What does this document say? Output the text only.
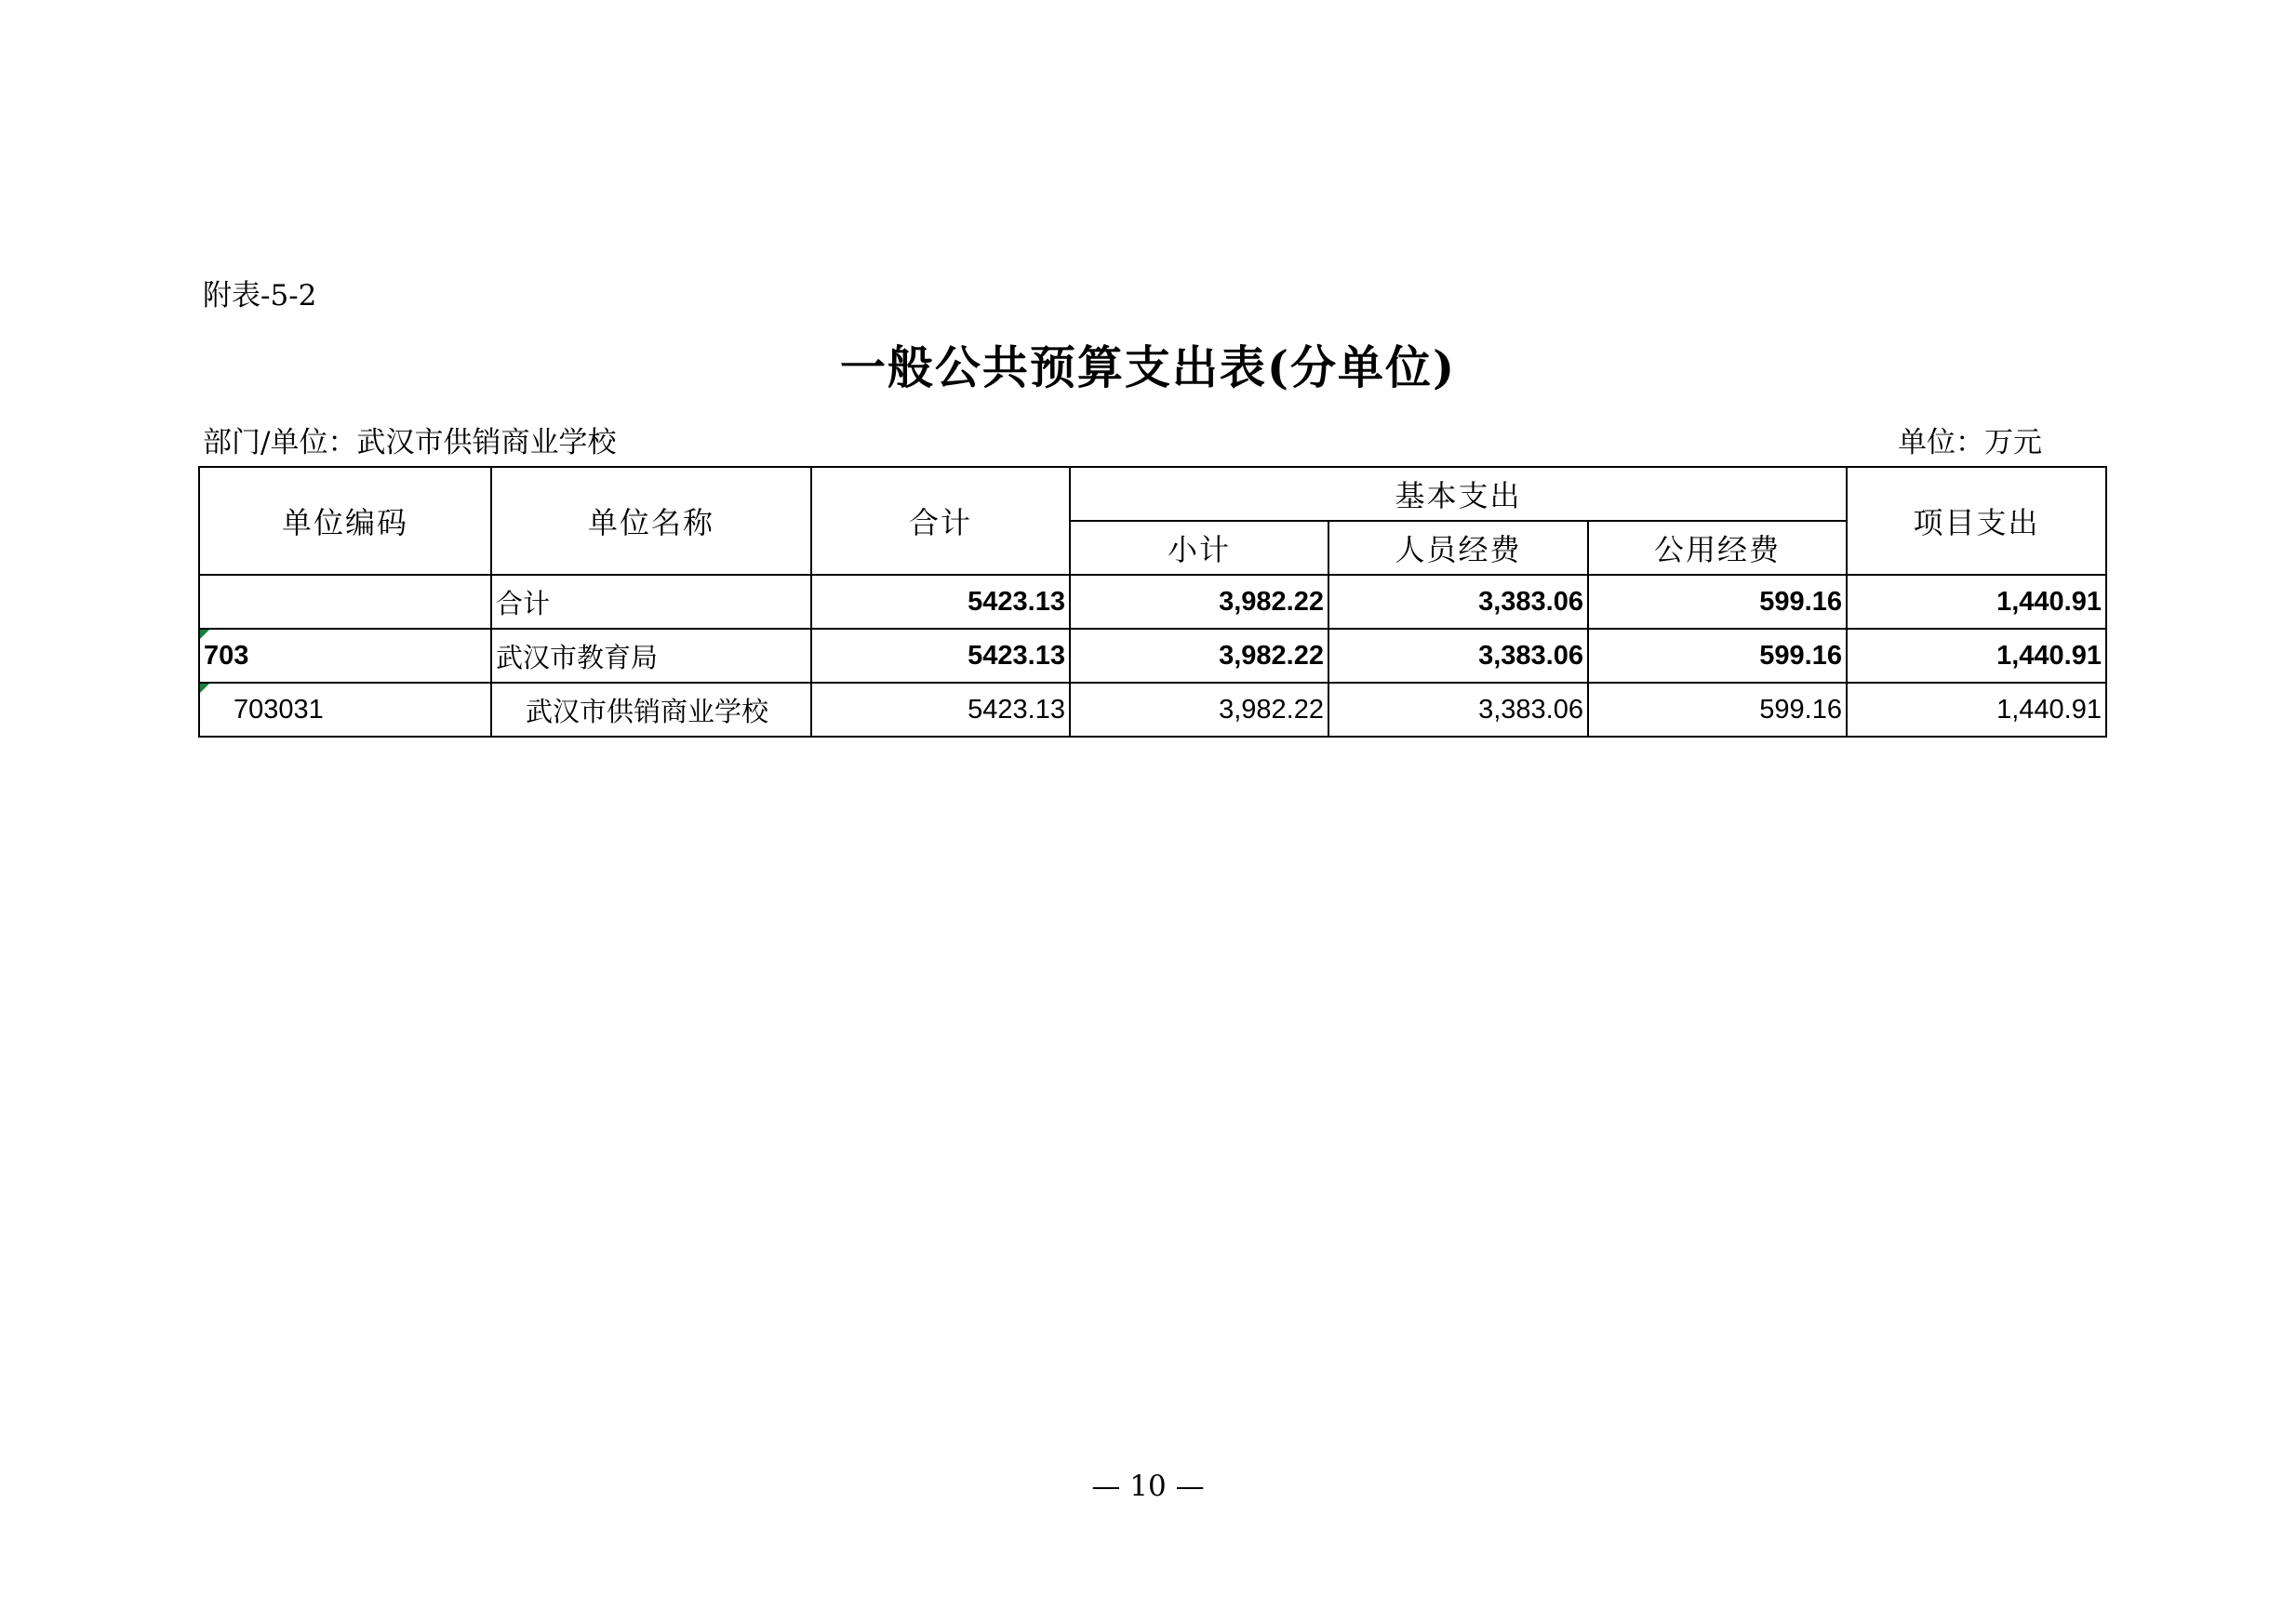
附表-5-2
一般公共预算支出表(分单位)
部门/单位：武汉市供销商业学校	单位：万元
单位编码	单位名称	合计	基本支出			项目支出
			小计	人员经费	公用经费	
	合计	5423.13	3,982.22	3,383.06	599.16	1,440.91

703	武汉市教育局	5423.13	3,982.22	3,383.06	599.16	1,440.91

703031	武汉市供销商业学校	5423.13	3,982.22	3,383.06	599.16	1,440.91
— 10 —
